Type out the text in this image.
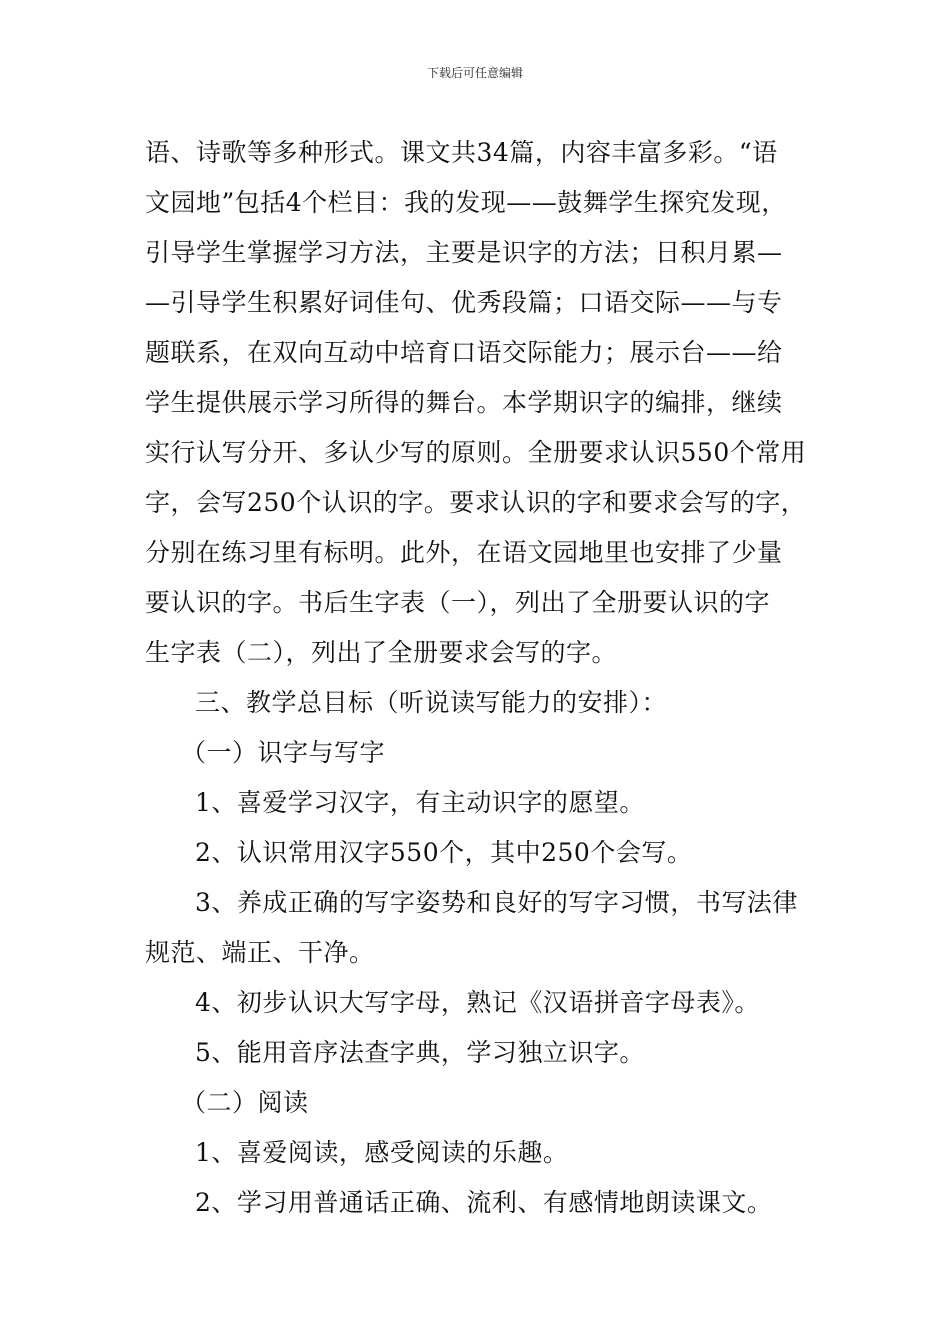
下载后可任意编辑
语、诗歌等多种形式。课文共34篇，内容丰富多彩。“语
文园地”包括4个栏目：我的发现——鼓舞学生探究发现，
引导学生掌握学习方法，主要是识字的方法；日积月累—
—引导学生积累好词佳句、优秀段篇；口语交际——与专
题联系，在双向互动中培育口语交际能力；展示台——给
学生提供展示学习所得的舞台。本学期识字的编排，继续
实行认写分开、多认少写的原则。全册要求认识550个常用
字，会写250个认识的字。要求认识的字和要求会写的字，
分别在练习里有标明。此外，在语文园地里也安排了少量
要认识的字。书后生字表（一），列出了全册要认识的字
生字表（二），列出了全册要求会写的字。
三、教学总目标（听说读写能力的安排）：
（一）识字与写字
1、喜爱学习汉字，有主动识字的愿望。
2、认识常用汉字550个，其中250个会写。
3、养成正确的写字姿势和良好的写字习惯，书写法律
规范、端正、干净。
4、初步认识大写字母，熟记《汉语拼音字母表》。
5、能用音序法查字典，学习独立识字。
（二）阅读
1、喜爱阅读，感受阅读的乐趣。
2、学习用普通话正确、流利、有感情地朗读课文。
